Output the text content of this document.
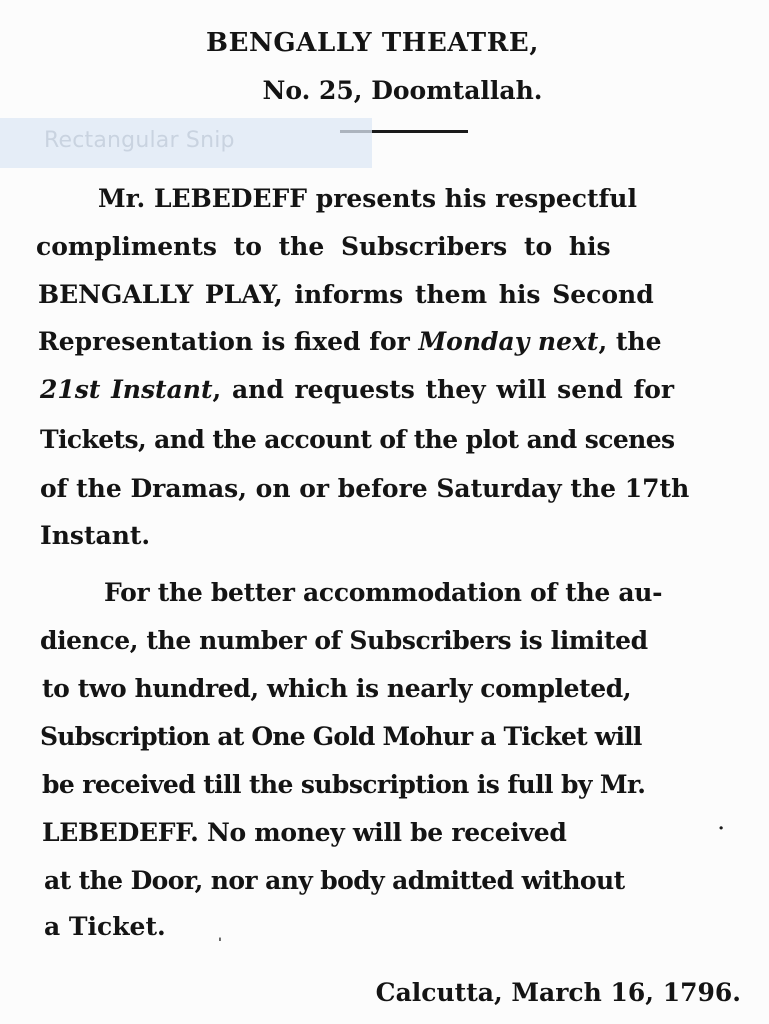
BENGALLY THEATRE,
No. 25, Doomtallah.
Rectangular Snip
Mr. LEBEDEFF presents his respectful
compliments to the Subscribers to his
BENGALLY PLAY, informs them his Second
Representation is fixed for Monday next, the
21st Instant, and requests they will send for
Tickets, and the account of the plot and scenes
of the Dramas, on or before Saturday the 17th
Instant.
For the better accommodation of the au-
dience, the number of Subscribers is limited
to two hundred, which is nearly completed,
Subscription at One Gold Mohur a Ticket will
be received till the subscription is full by Mr.
LEBEDEFF. No money will be received
at the Door, nor any body admitted without
a Ticket.
·
ˈ
Calcutta, March 16, 1796.
